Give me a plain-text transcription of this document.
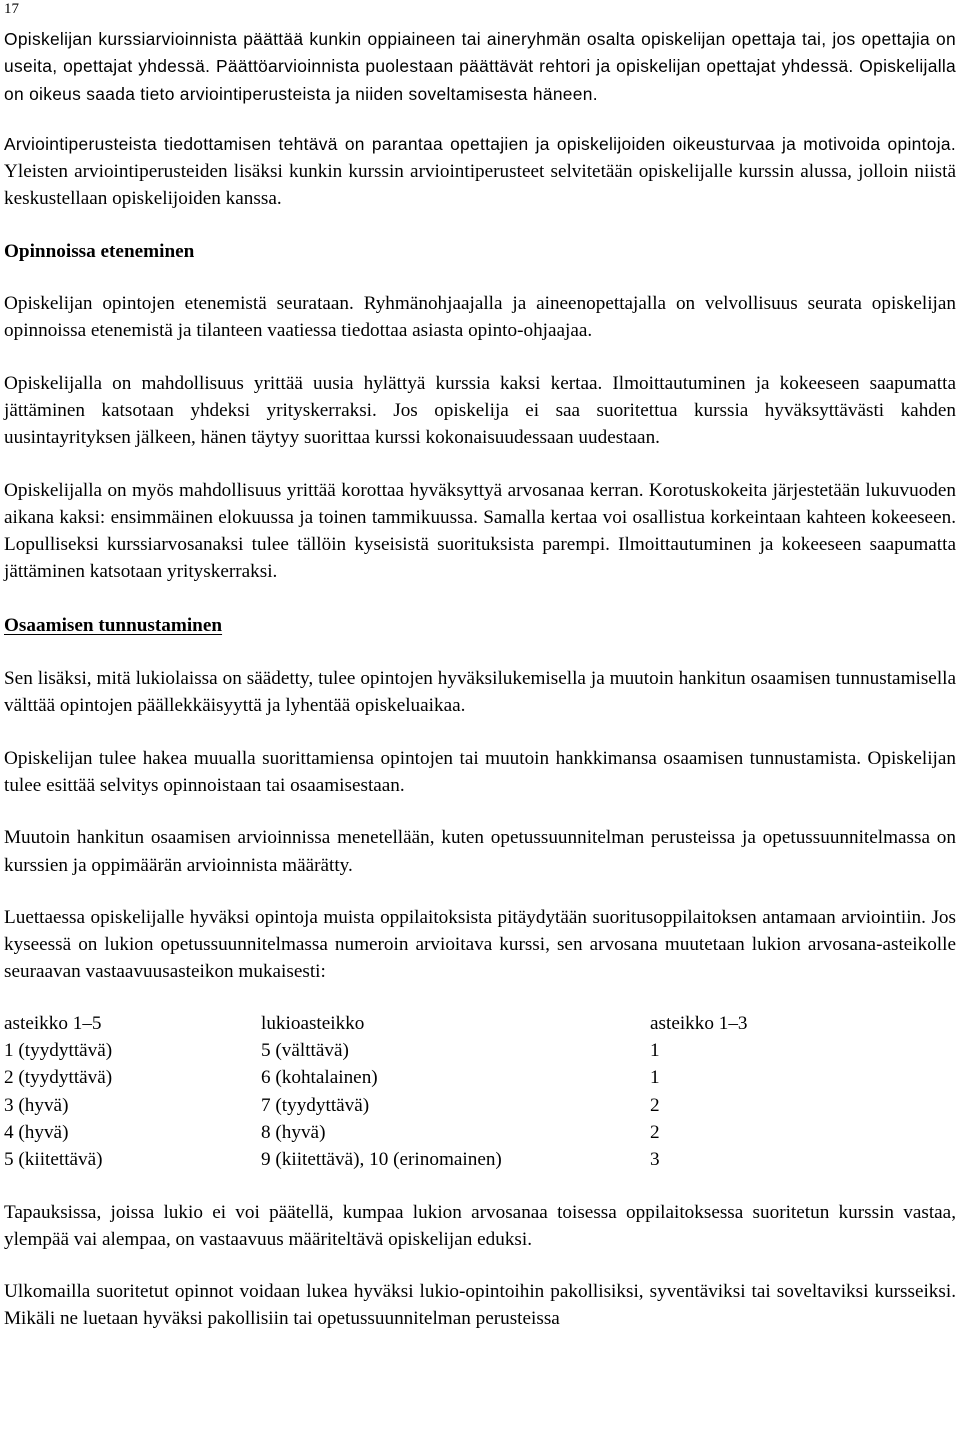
17

Opiskelijan kurssiarvioinnista päättää kunkin oppiaineen tai aineryhmän osalta opiskelijan opettaja tai, jos opettajia on useita, opettajat yhdessä. Päättöarvioinnista puolestaan päättävät rehtori ja opiskelijan opettajat yhdessä. Opiskelijalla on oikeus saada tieto arviointiperusteista ja niiden soveltamisesta häneen.

Arviointiperusteista tiedottamisen tehtävä on parantaa opettajien ja opiskelijoiden oikeusturvaa ja motivoida opintoja. Yleisten arviointiperusteiden lisäksi kunkin kurssin arviointiperusteet selvitetään opiskelijalle kurssin alussa, jolloin niistä keskustellaan opiskelijoiden kanssa.

Opinnoissa eteneminen

Opiskelijan opintojen etenemistä seurataan. Ryhmänohjaajalla ja aineenopettajalla on velvollisuus seurata opiskelijan opinnoissa etenemistä ja tilanteen vaatiessa tiedottaa asiasta opinto-ohjaajaa.

Opiskelijalla on mahdollisuus yrittää uusia hylättyä kurssia kaksi kertaa. Ilmoittautuminen ja kokeeseen saapumatta jättäminen katsotaan yhdeksi yrityskerraksi. Jos opiskelija ei saa suoritettua kurssia hyväksyttävästi kahden uusintayrityksen jälkeen, hänen täytyy suorittaa kurssi kokonaisuudessaan uudestaan.

Opiskelijalla on myös mahdollisuus yrittää korottaa hyväksyttyä arvosanaa kerran. Korotuskokeita järjestetään lukuvuoden aikana kaksi: ensimmäinen elokuussa ja toinen tammikuussa. Samalla kertaa voi osallistua korkeintaan kahteen kokeeseen. Lopulliseksi kurssiarvosanaksi tulee tällöin kyseisistä suorituksista parempi. Ilmoittautuminen ja kokeeseen saapumatta jättäminen katsotaan yrityskerraksi.

Osaamisen tunnustaminen

Sen lisäksi, mitä lukiolaissa on säädetty, tulee opintojen hyväksilukemisella ja muutoin hankitun osaamisen tunnustamisella välttää opintojen päällekkäisyyttä ja lyhentää opiskeluaikaa.

Opiskelijan tulee hakea muualla suorittamiensa opintojen tai muutoin hankkimansa osaamisen tunnustamista. Opiskelijan tulee esittää selvitys opinnoistaan tai osaamisestaan.

Muutoin hankitun osaamisen arvioinnissa menetellään, kuten opetussuunnitelman perusteissa ja opetussuunnitelmassa on kurssien ja oppimäärän arvioinnista määrätty.

Luettaessa opiskelijalle hyväksi opintoja muista oppilaitoksista pitäydytään suoritusoppilaitoksen antamaan arviointiin. Jos kyseessä on lukion opetussuunnitelmassa numeroin arvioitava kurssi, sen arvosana muutetaan lukion arvosana-asteikolle seuraavan vastaavuusasteikon mukaisesti:

asteikko 1–5	lukioasteikko	asteikko 1–3
1 (tyydyttävä)	5 (välttävä)	1
2 (tyydyttävä)	6 (kohtalainen)	1
3 (hyvä)	7 (tyydyttävä)	2
4 (hyvä)	8 (hyvä)	2
5 (kiitettävä)	9 (kiitettävä), 10 (erinomainen)	3

Tapauksissa, joissa lukio ei voi päätellä, kumpaa lukion arvosanaa toisessa oppilaitoksessa suoritetun kurssin vastaa, ylempää vai alempaa, on vastaavuus määriteltävä opiskelijan eduksi.

Ulkomailla suoritetut opinnot voidaan lukea hyväksi lukio-opintoihin pakollisiksi, syventäviksi tai soveltaviksi kursseiksi. Mikäli ne luetaan hyväksi pakollisiin tai opetussuunnitelman perusteissa
